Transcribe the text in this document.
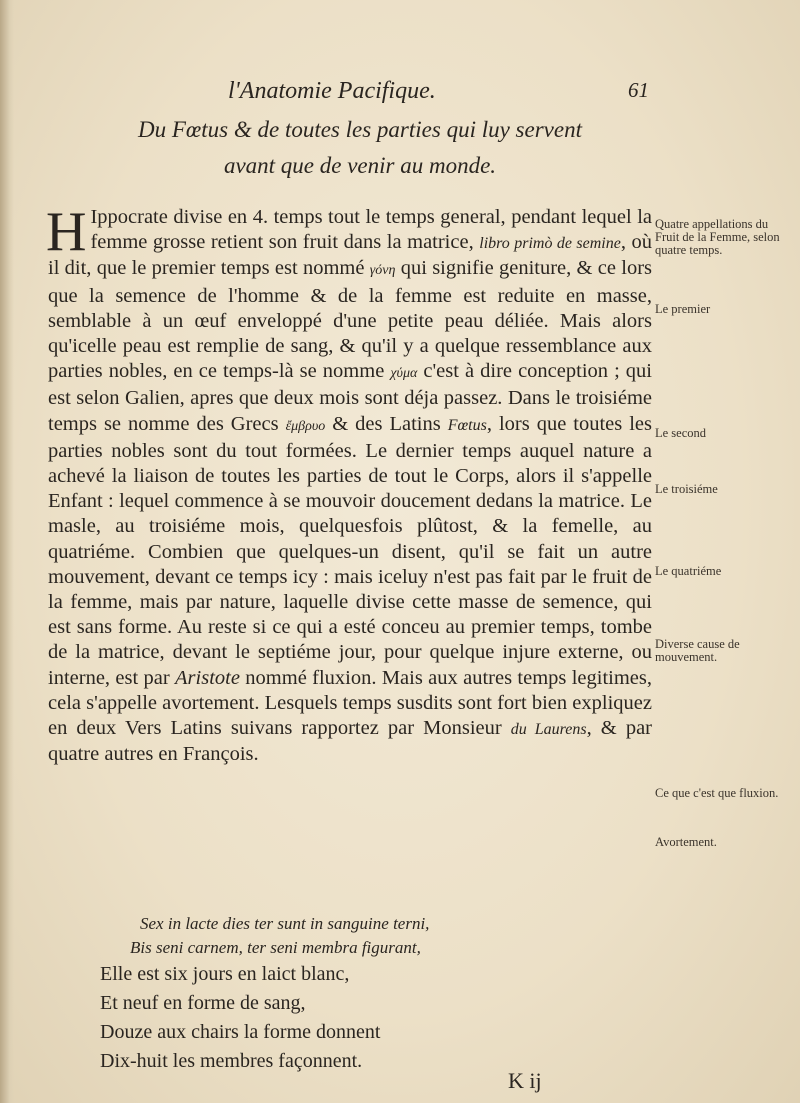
l'Anatomie Pacifique.	61
Du Fœtus & de toutes les parties qui luy servent
avant que de venir au monde.
H Ippocrate divise en 4. temps tout le temps general, pendant lequel la femme grosse retient son fruit dans la matrice, libro primò de semine, où il dit, que le premier temps est nommé γόνη qui signifie geniture, & ce lors que la semence de l'homme & de la femme est reduite en masse, semblable à un œuf enveloppé d'une petite peau déliée. Mais alors qu'icelle peau est remplie de sang, & qu'il y a quelque ressemblance aux parties nobles, en ce temps-là se nomme χύμα c'est à dire conception ; qui est selon Galien, apres que deux mois sont déja passez. Dans le troisiéme temps se nomme des Grecs ἔμβρυο & des Latins Fœtus, lors que toutes les parties nobles sont du tout formées. Le dernier temps auquel nature a achevé la liaison de toutes les parties de tout le Corps, alors il s'appelle Enfant : lequel commence à se mouvoir doucement dedans la matrice. Le masle, au troisiéme mois, quelquesfois plûtost, & la femelle, au quatriéme. Combien que quelques-un disent, qu'il se fait un autre mouvement, devant ce temps icy : mais iceluy n'est pas fait par le fruit de la femme, mais par nature, laquelle divise cette masse de semence, qui est sans forme. Au reste si ce qui a esté conceu au premier temps, tombe de la matrice, devant le septiéme jour, pour quelque injure externe, ou interne, est par Aristote nommé fluxion. Mais aux autres temps legitimes, cela s'appelle avortement. Lesquels temps susdits sont fort bien expliquez en deux Vers Latins suivans rapportez par Monsieur du Laurens, & par quatre autres en François.
Quatre appellations du Fruit de la Femme, selon quatre temps.
Le premier
Le second
Le troisiéme
Le quatriéme
Diverse cause de mouvement.
Ce que c'est que fluxion.
Avortement.
Sex in lacte dies ter sunt in sanguine terni,
Bis seni carnem, ter seni membra figurant,
Elle est six jours en laict blanc,
Et neuf en forme de sang,
Douze aux chairs la forme donnent
Dix-huit les membres façonnent.
K ij
